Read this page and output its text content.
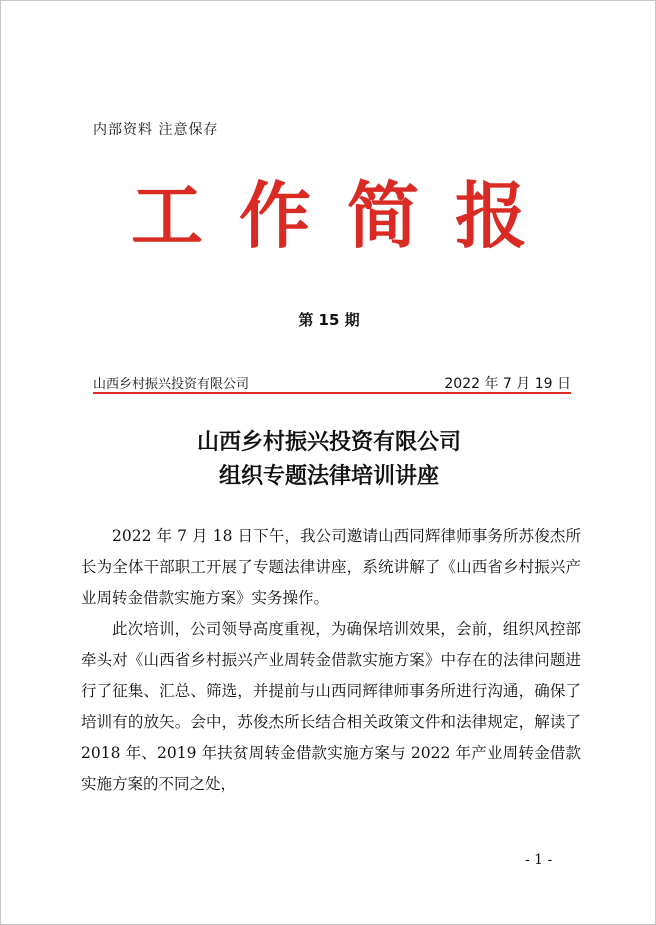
内部资料 注意保存
工作简报
第 15 期
山西乡村振兴投资有限公司	2022 年 7 月 19 日
山西乡村振兴投资有限公司
组织专题法律培训讲座

2022 年 7 月 18 日下午，我公司邀请山西同辉律师事务所苏俊杰所长为全体干部职工开展了专题法律讲座，系统讲解了《山西省乡村振兴产业周转金借款实施方案》实务操作。

此次培训，公司领导高度重视，为确保培训效果，会前，组织风控部牵头对《山西省乡村振兴产业周转金借款实施方案》中存在的法律问题进行了征集、汇总、筛选，并提前与山西同辉律师事务所进行沟通，确保了培训有的放矢。会中，苏俊杰所长结合相关政策文件和法律规定，解读了 2018 年、2019 年扶贫周转金借款实施方案与 2022 年产业周转金借款实施方案的不同之处，

- 1 -
